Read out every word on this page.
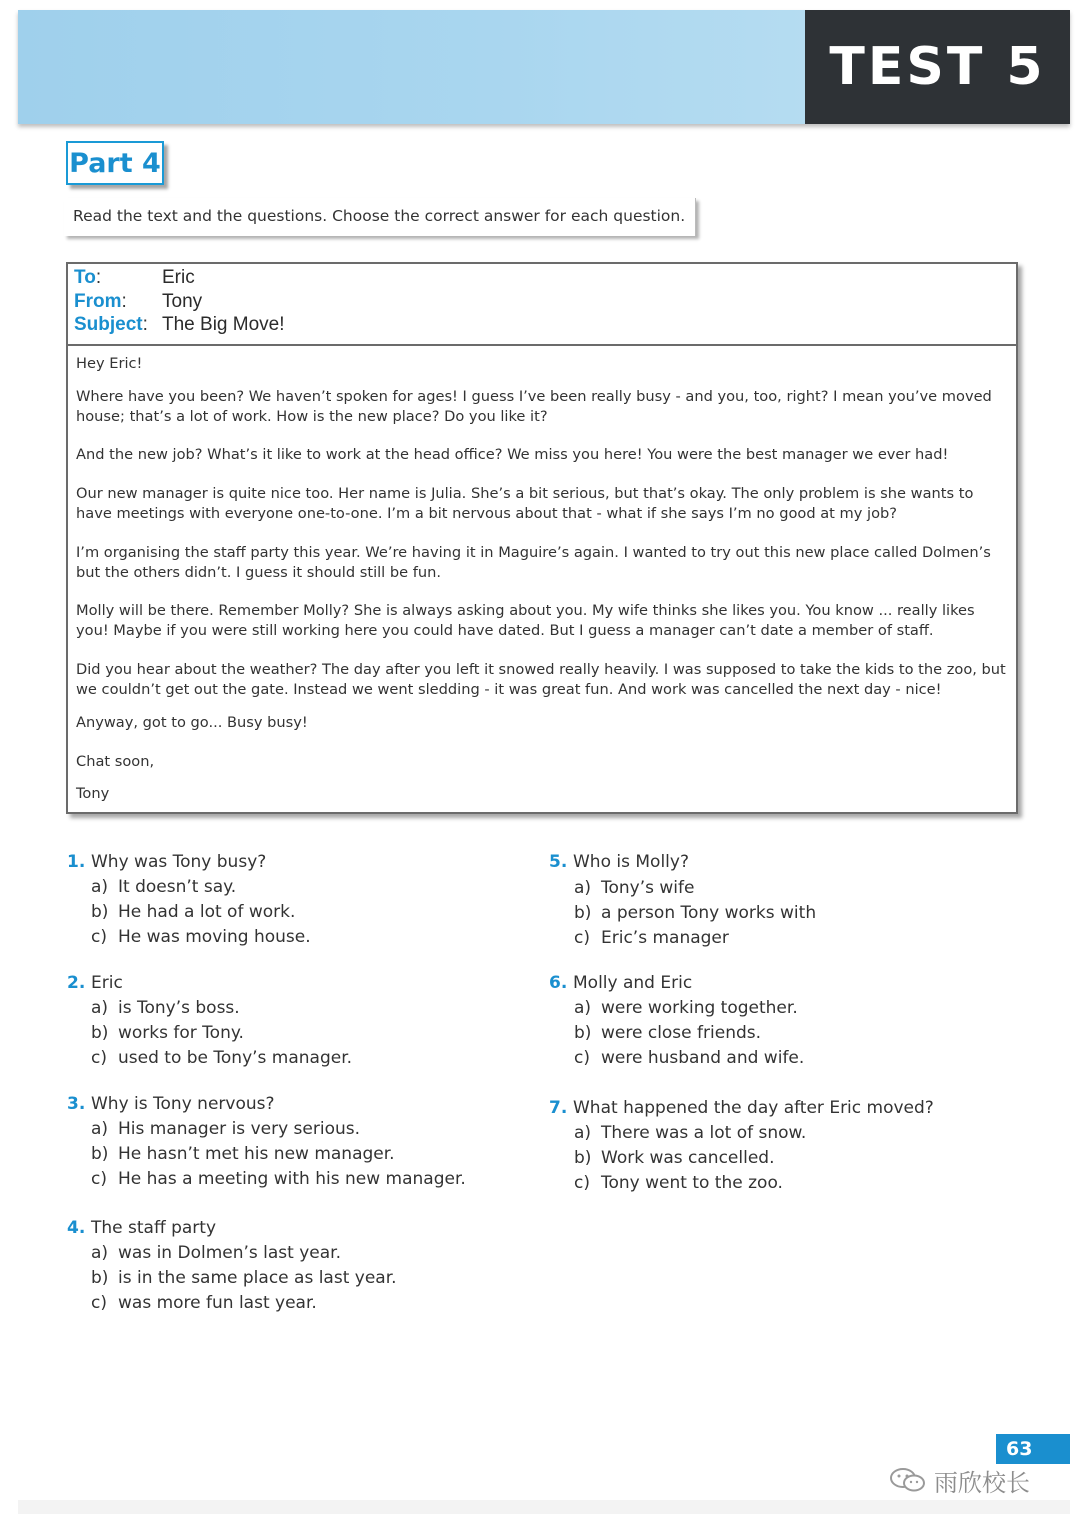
TEST 5
Part 4
Read the text and the questions. Choose the correct answer for each question.
To:	Eric
From: Tony
Subject: The Big Move!

Hey Eric!

Where have you been? We haven’t spoken for ages! I guess I’ve been really busy - and you, too, right? I mean you’ve moved house; that’s a lot of work. How is the new place? Do you like it?

And the new job? What’s it like to work at the head office? We miss you here! You were the best manager we ever had!

Our new manager is quite nice too. Her name is Julia. She’s a bit serious, but that’s okay. The only problem is she wants to have meetings with everyone one-to-one. I’m a bit nervous about that - what if she says I’m no good at my job?

I’m organising the staff party this year. We’re having it in Maguire’s again. I wanted to try out this new place called Dolmen’s but the others didn’t. I guess it should still be fun.

Molly will be there. Remember Molly? She is always asking about you. My wife thinks she likes you. You know ... really likes you! Maybe if you were still working here you could have dated. But I guess a manager can’t date a member of staff.

Did you hear about the weather? The day after you left it snowed really heavily. I was supposed to take the kids to the zoo, but we couldn’t get out the gate. Instead we went sledding - it was great fun. And work was cancelled the next day - nice!

Anyway, got to go... Busy busy!

Chat soon,

Tony

1. Why was Tony busy?
a) It doesn’t say.
b) He had a lot of work.
c) He was moving house.
2. Eric
a) is Tony’s boss.
b) works for Tony.
c) used to be Tony’s manager.
3. Why is Tony nervous?
a) His manager is very serious.
b) He hasn’t met his new manager.
c) He has a meeting with his new manager.
4. The staff party
a) was in Dolmen’s last year.
b) is in the same place as last year.
c) was more fun last year.
5. Who is Molly?
a) Tony’s wife
b) a person Tony works with
c) Eric’s manager
6. Molly and Eric
a) were working together.
b) were close friends.
c) were husband and wife.
7. What happened the day after Eric moved?
a) There was a lot of snow.
b) Work was cancelled.
c) Tony went to the zoo.
63
雨欣校长
